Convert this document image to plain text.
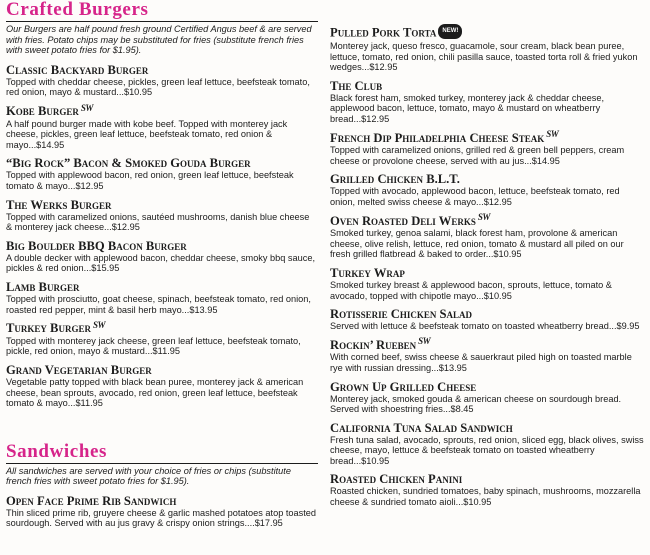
Crafted Burgers

Our Burgers are half pound fresh ground Certified Angus beef & are served with fries. Potato chips may be substituted for fries (substitute french fries with sweet potato fries for $1.95).

Classic Backyard Burger

Topped with cheddar cheese, pickles, green leaf lettuce, beefsteak tomato, red onion, mayo & mustard...$10.95

Kobe Burger SW

A half pound burger made with kobe beef. Topped with monterey jack cheese, pickles, green leaf lettuce, beefsteak tomato, red onion & mayo...$14.95

“Big Rock” Bacon & Smoked Gouda Burger

Topped with applewood bacon, red onion, green leaf lettuce, beefsteak tomato & mayo...$12.95

The Werks Burger

Topped with caramelized onions, sautéed mushrooms, danish blue cheese & monterey jack cheese...$12.95

Big Boulder BBQ Bacon Burger

A double decker with applewood bacon, cheddar cheese, smoky bbq sauce, pickles & red onion...$15.95

Lamb Burger

Topped with prosciutto, goat cheese, spinach, beefsteak tomato, red onion, roasted red pepper, mint & basil herb mayo...$13.95

Turkey Burger SW

Topped with monterey jack cheese, green leaf lettuce, beefsteak tomato, pickle, red onion, mayo & mustard...$11.95

Grand Vegetarian Burger

Vegetable patty topped with black bean puree, monterey jack & american cheese, bean sprouts, avocado, red onion, green leaf lettuce, beefsteak tomato & mayo...$11.95

Sandwiches

All sandwiches are served with your choice of fries or chips (substitute french fries with sweet potato fries for $1.95).

Open Face Prime Rib Sandwich

Thin sliced prime rib, gruyere cheese & garlic mashed potatoes atop toasted sourdough. Served with au jus gravy & crispy onion strings....$17.95

Pulled Pork Torta NEW!

Monterey jack, queso fresco, guacamole, sour cream, black bean puree, lettuce, tomato, red onion, chili pasilla sauce, toasted torta roll & fried yukon wedges...$12.95

The Club

Black forest ham, smoked turkey, monterey jack & cheddar cheese, applewood bacon, lettuce, tomato, mayo & mustard on wheatberry bread...$12.95

French Dip Philadelphia Cheese Steak SW

Topped with caramelized onions, grilled red & green bell peppers, cream cheese or provolone cheese, served with au jus...$14.95

Grilled Chicken B.L.T.

Topped with avocado, applewood bacon, lettuce, beefsteak tomato, red onion, melted swiss cheese & mayo...$12.95

Oven Roasted Deli Werks SW

Smoked turkey, genoa salami, black forest ham, provolone & american cheese, olive relish, lettuce, red onion, tomato & mustard all piled on our fresh grilled flatbread & baked to order...$10.95

Turkey Wrap

Smoked turkey breast & applewood bacon, sprouts, lettuce, tomato & avocado, topped with chipotle mayo...$10.95

Rotisserie Chicken Salad

Served with lettuce & beefsteak tomato on toasted wheatberry bread...$9.95

Rockin’ Rueben SW

With corned beef, swiss cheese & sauerkraut piled high on toasted marble rye with russian dressing...$13.95

Grown Up Grilled Cheese

Monterey jack, smoked gouda & american cheese on sourdough bread. Served with shoestring fries...$8.45

California Tuna Salad Sandwich

Fresh tuna salad, avocado, sprouts, red onion, sliced egg, black olives, swiss cheese, mayo, lettuce & beefsteak tomato on toasted wheatberry bread...$10.95

Roasted Chicken Panini

Roasted chicken, sundried tomatoes, baby spinach, mushrooms, mozzarella cheese & sundried tomato aioli...$10.95
